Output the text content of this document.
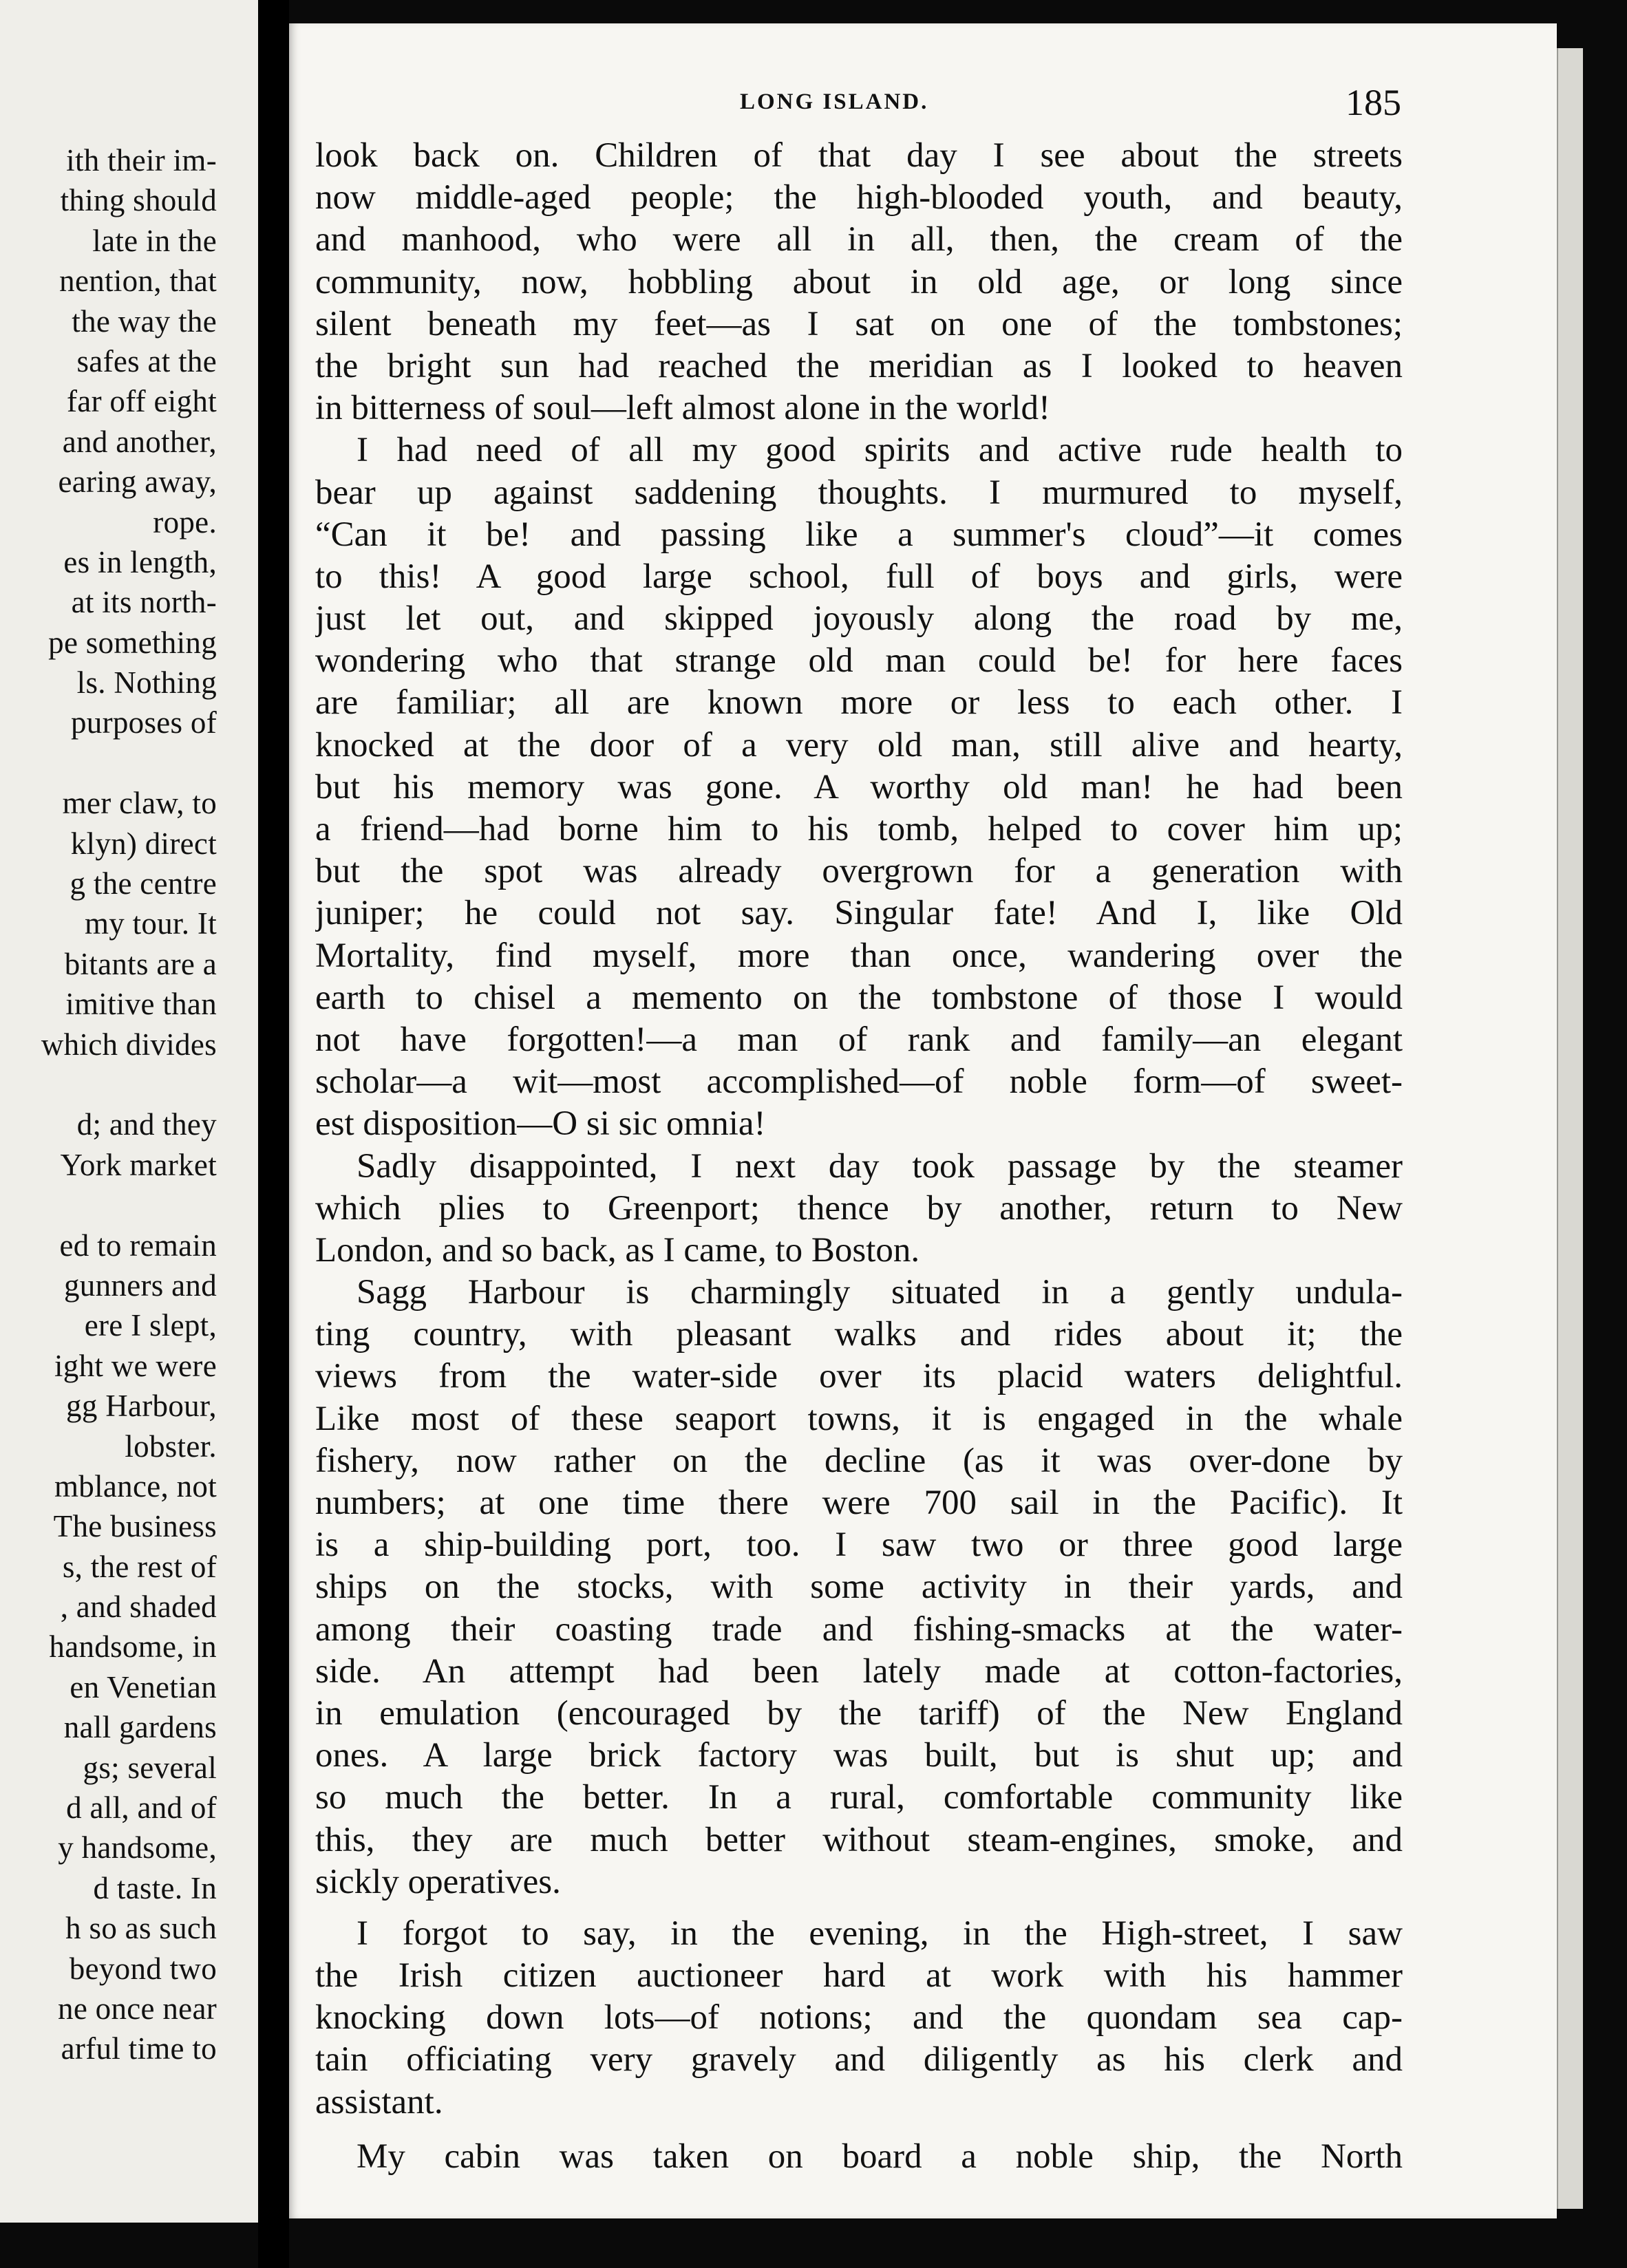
ith their im-
thing should
late in the
nention, that
the way the
safes at the
far off eight
and another,
earing away,
rope.
es in length,
at its north-
pe something
ls. Nothing
purposes of
mer claw, to
klyn) direct
g the centre
my tour. It
bitants are a
imitive than
which divides
d; and they
York market
ed to remain
gunners and
ere I slept,
ight we were
gg Harbour,
lobster.
mblance, not
The business
s, the rest of
, and shaded
handsome, in
en Venetian
nall gardens
gs; several
d all, and of
y handsome,
d taste. In
h so as such
beyond two
ne once near
arful time to
LONG ISLAND.	185
look back on. Children of that day I see about the streets
now middle-aged people; the high-blooded youth, and beauty,
and manhood, who were all in all, then, the cream of the
community, now, hobbling about in old age, or long since
silent beneath my feet—as I sat on one of the tombstones;
the bright sun had reached the meridian as I looked to heaven
in bitterness of soul—left almost alone in the world!
I had need of all my good spirits and active rude health to
bear up against saddening thoughts. I murmured to myself,
“Can it be! and passing like a summer's cloud”—it comes
to this! A good large school, full of boys and girls, were
just let out, and skipped joyously along the road by me,
wondering who that strange old man could be! for here faces
are familiar; all are known more or less to each other. I
knocked at the door of a very old man, still alive and hearty,
but his memory was gone. A worthy old man! he had been
a friend—had borne him to his tomb, helped to cover him up;
but the spot was already overgrown for a generation with
juniper; he could not say. Singular fate! And I, like Old
Mortality, find myself, more than once, wandering over the
earth to chisel a memento on the tombstone of those I would
not have forgotten!—a man of rank and family—an elegant
scholar—a wit—most accomplished—of noble form—of sweet-
est disposition—O si sic omnia!
Sadly disappointed, I next day took passage by the steamer
which plies to Greenport; thence by another, return to New
London, and so back, as I came, to Boston.
Sagg Harbour is charmingly situated in a gently undula-
ting country, with pleasant walks and rides about it; the
views from the water-side over its placid waters delightful.
Like most of these seaport towns, it is engaged in the whale
fishery, now rather on the decline (as it was over-done by
numbers; at one time there were 700 sail in the Pacific). It
is a ship-building port, too. I saw two or three good large
ships on the stocks, with some activity in their yards, and
among their coasting trade and fishing-smacks at the water-
side. An attempt had been lately made at cotton-factories,
in emulation (encouraged by the tariff) of the New England
ones. A large brick factory was built, but is shut up; and
so much the better. In a rural, comfortable community like
this, they are much better without steam-engines, smoke, and
sickly operatives.
I forgot to say, in the evening, in the High-street, I saw
the Irish citizen auctioneer hard at work with his hammer
knocking down lots—of notions; and the quondam sea cap-
tain officiating very gravely and diligently as his clerk and
assistant.
My cabin was taken on board a noble ship, the North
